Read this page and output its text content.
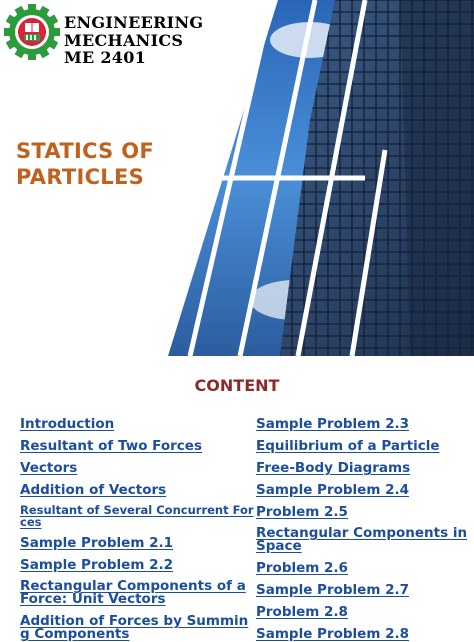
ENGINEERING
MECHANICS
ME 2401
STATICS OF
PARTICLES
CONTENT
Introduction
Resultant of Two Forces
Vectors
Addition of Vectors
Resultant of Several Concurrent Forces
Sample Problem 2.1
Sample Problem 2.2
Rectangular Components of a Force: Unit Vectors
Addition of Forces by Summing Components
Sample Problem 2.3
Equilibrium of a Particle
Free-Body Diagrams
Sample Problem 2.4
Problem 2.5
Rectangular Components in Space
Problem 2.6
Sample Problem 2.7
Problem 2.8
Sample Problem 2.8
